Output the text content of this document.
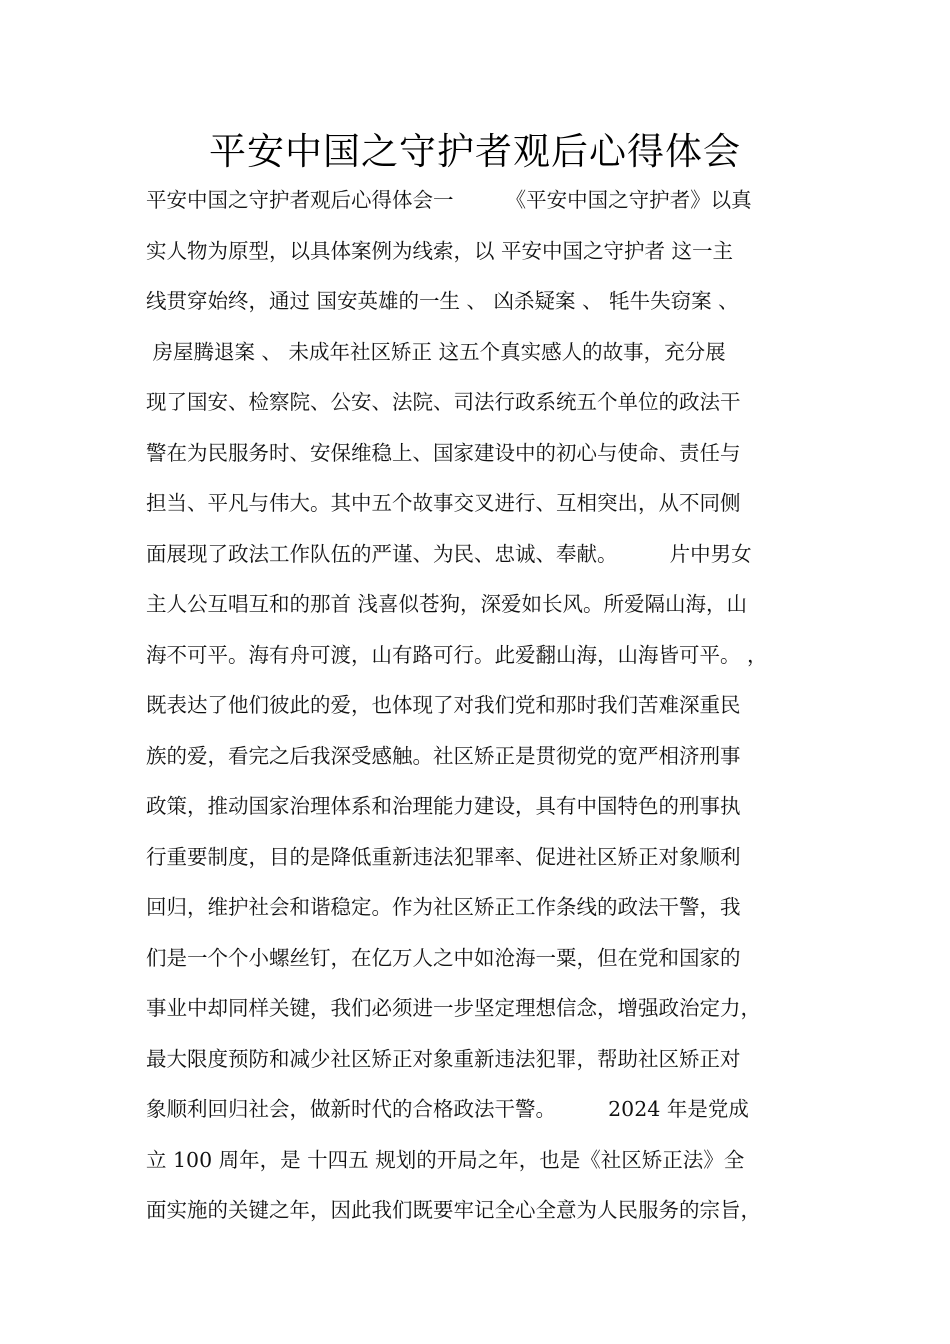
平安中国之守护者观后心得体会
平安中国之守护者观后心得体会一        《平安中国之守护者》以真
实人物为原型，以具体案例为线索，以 平安中国之守护者 这一主
线贯穿始终，通过 国安英雄的一生 、 凶杀疑案 、 牦牛失窃案 、
房屋腾退案 、 未成年社区矫正 这五个真实感人的故事，充分展
现了国安、检察院、公安、法院、司法行政系统五个单位的政法干
警在为民服务时、安保维稳上、国家建设中的初心与使命、责任与
担当、平凡与伟大。其中五个故事交叉进行、互相突出，从不同侧
面展现了政法工作队伍的严谨、为民、忠诚、奉献。        片中男女
主人公互唱互和的那首 浅喜似苍狗，深爱如长风。所爱隔山海，山
海不可平。海有舟可渡，山有路可行。此爱翻山海，山海皆可平。 ，
既表达了他们彼此的爱，也体现了对我们党和那时我们苦难深重民
族的爱，看完之后我深受感触。社区矫正是贯彻党的宽严相济刑事
政策，推动国家治理体系和治理能力建设，具有中国特色的刑事执
行重要制度，目的是降低重新违法犯罪率、促进社区矫正对象顺利
回归，维护社会和谐稳定。作为社区矫正工作条线的政法干警，我
们是一个个小螺丝钉，在亿万人之中如沧海一粟，但在党和国家的
事业中却同样关键，我们必须进一步坚定理想信念，增强政治定力，
最大限度预防和减少社区矫正对象重新违法犯罪，帮助社区矫正对
象顺利回归社会，做新时代的合格政法干警。        2024 年是党成
立 100 周年，是 十四五 规划的开局之年，也是《社区矫正法》全
面实施的关键之年，因此我们既要牢记全心全意为人民服务的宗旨，
